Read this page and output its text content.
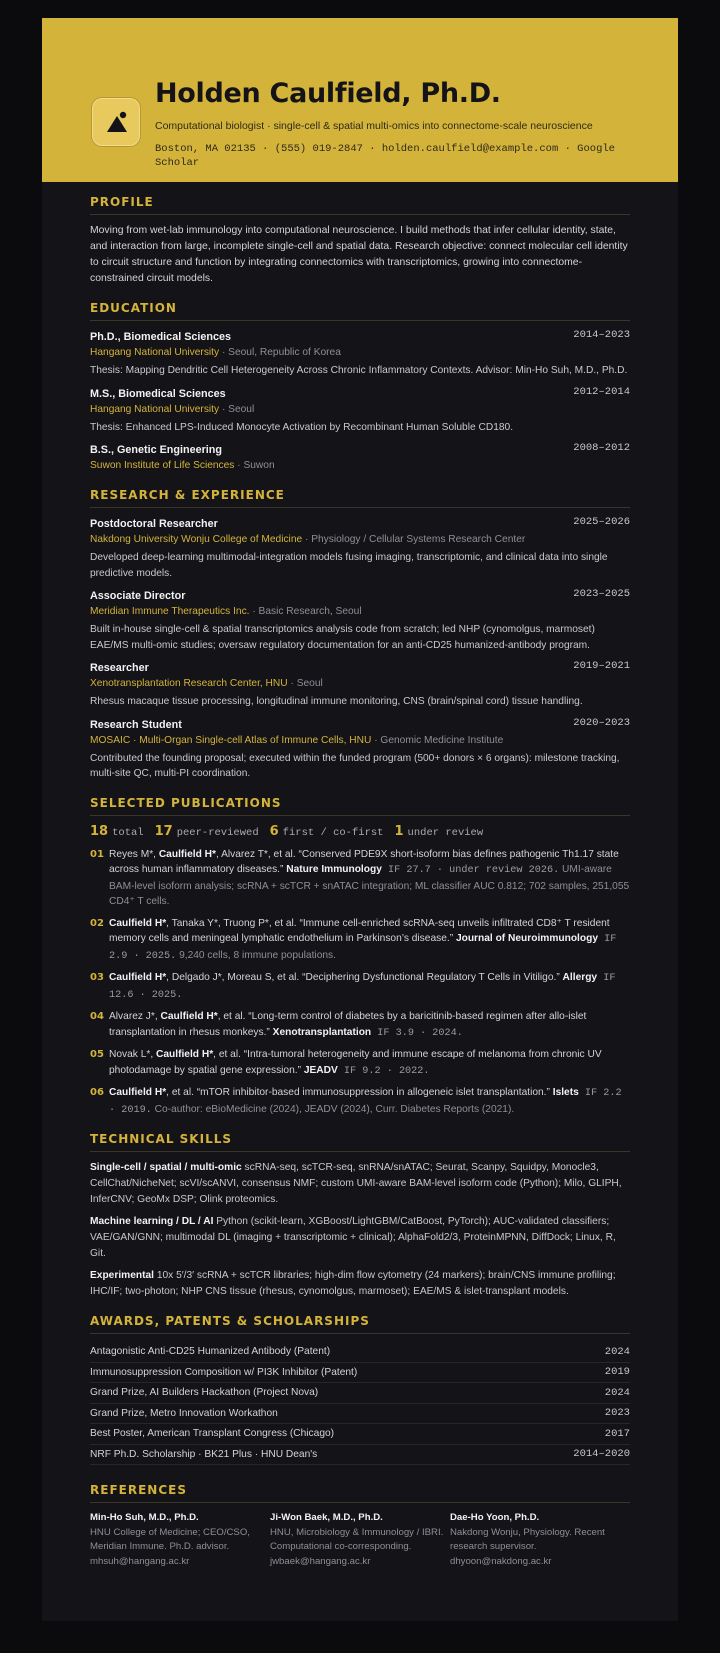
Holden Caulfield, Ph.D.
Computational biologist · single-cell & spatial multi-omics into connectome-scale neuroscience
Boston, MA 02135 · (555) 019-2847 · holden.caulfield@example.com · Google Scholar
PROFILE
Moving from wet-lab immunology into computational neuroscience. I build methods that infer cellular identity, state, and interaction from large, incomplete single-cell and spatial data. Research objective: connect molecular cell identity to circuit structure and function by integrating connectomics with transcriptomics, growing into connectome-constrained circuit models.
EDUCATION
Ph.D., Biomedical Sciences	2014–2023
Hangang National University · Seoul, Republic of Korea
Thesis: Mapping Dendritic Cell Heterogeneity Across Chronic Inflammatory Contexts. Advisor: Min-Ho Suh, M.D., Ph.D.
M.S., Biomedical Sciences	2012–2014
Hangang National University · Seoul
Thesis: Enhanced LPS-Induced Monocyte Activation by Recombinant Human Soluble CD180.
B.S., Genetic Engineering	2008–2012
Suwon Institute of Life Sciences · Suwon
RESEARCH & EXPERIENCE
Postdoctoral Researcher	2025–2026
Nakdong University Wonju College of Medicine · Physiology / Cellular Systems Research Center
Developed deep-learning multimodal-integration models fusing imaging, transcriptomic, and clinical data into single predictive models.
Associate Director	2023–2025
Meridian Immune Therapeutics Inc. · Basic Research, Seoul
Built in-house single-cell & spatial transcriptomics analysis code from scratch; led NHP (cynomolgus, marmoset) EAE/MS multi-omic studies; oversaw regulatory documentation for an anti-CD25 humanized-antibody program.
Researcher	2019–2021
Xenotransplantation Research Center, HNU · Seoul
Rhesus macaque tissue processing, longitudinal immune monitoring, CNS (brain/spinal cord) tissue handling.
Research Student	2020–2023
MOSAIC · Multi-Organ Single-cell Atlas of Immune Cells, HNU · Genomic Medicine Institute
Contributed the founding proposal; executed within the funded program (500+ donors × 6 organs): milestone tracking, multi-site QC, multi-PI coordination.
SELECTED PUBLICATIONS
18 total 17 peer-reviewed 6 first / co-first 1 under review
01 Reyes M*, Caulfield H*, Alvarez T*, et al. “Conserved PDE9X short-isoform bias defines pathogenic Th1.17 state across human inflammatory diseases.” Nature Immunology IF 27.7 · under review 2026. UMI-aware BAM-level isoform analysis; scRNA + scTCR + snATAC integration; ML classifier AUC 0.812; 702 samples, 251,055 CD4⁺ T cells.
02 Caulfield H*, Tanaka Y*, Truong P*, et al. “Immune cell-enriched scRNA-seq unveils infiltrated CD8⁺ T resident memory cells and meningeal lymphatic endothelium in Parkinson’s disease.” Journal of Neuroimmunology IF 2.9 · 2025. 9,240 cells, 8 immune populations.
03 Caulfield H*, Delgado J*, Moreau S, et al. “Deciphering Dysfunctional Regulatory T Cells in Vitiligo.” Allergy IF 12.6 · 2025.
04 Alvarez J*, Caulfield H*, et al. “Long-term control of diabetes by a baricitinib-based regimen after allo-islet transplantation in rhesus monkeys.” Xenotransplantation IF 3.9 · 2024.
05 Novak L*, Caulfield H*, et al. “Intra-tumoral heterogeneity and immune escape of melanoma from chronic UV photodamage by spatial gene expression.” JEADV IF 9.2 · 2022.
06 Caulfield H*, et al. “mTOR inhibitor-based immunosuppression in allogeneic islet transplantation.” Islets IF 2.2 · 2019. Co-author: eBioMedicine (2024), JEADV (2024), Curr. Diabetes Reports (2021).
TECHNICAL SKILLS
Single-cell / spatial / multi-omic scRNA-seq, scTCR-seq, snRNA/snATAC; Seurat, Scanpy, Squidpy, Monocle3, CellChat/NicheNet; scVI/scANVI, consensus NMF; custom UMI-aware BAM-level isoform code (Python); Milo, GLIPH, InferCNV; GeoMx DSP; Olink proteomics.
Machine learning / DL / AI Python (scikit-learn, XGBoost/LightGBM/CatBoost, PyTorch); AUC-validated classifiers; VAE/GAN/GNN; multimodal DL (imaging + transcriptomic + clinical); AlphaFold2/3, ProteinMPNN, DiffDock; Linux, R, Git.
Experimental 10x 5′/3′ scRNA + scTCR libraries; high-dim flow cytometry (24 markers); brain/CNS immune profiling; IHC/IF; two-photon; NHP CNS tissue (rhesus, cynomolgus, marmoset); EAE/MS & islet-transplant models.
AWARDS, PATENTS & SCHOLARSHIPS
Antagonistic Anti-CD25 Humanized Antibody (Patent)	2024
Immunosuppression Composition w/ PI3K Inhibitor (Patent)	2019
Grand Prize, AI Builders Hackathon (Project Nova)	2024
Grand Prize, Metro Innovation Workathon	2023
Best Poster, American Transplant Congress (Chicago)	2017
NRF Ph.D. Scholarship · BK21 Plus · HNU Dean's	2014–2020
REFERENCES
Min-Ho Suh, M.D., Ph.D.
HNU College of Medicine; CEO/CSO, Meridian Immune. Ph.D. advisor.
mhsuh@hangang.ac.kr
Ji-Won Baek, M.D., Ph.D.
HNU, Microbiology & Immunology / IBRI. Computational co-corresponding.
jwbaek@hangang.ac.kr
Dae-Ho Yoon, Ph.D.
Nakdong Wonju, Physiology. Recent research supervisor.
dhyoon@nakdong.ac.kr
